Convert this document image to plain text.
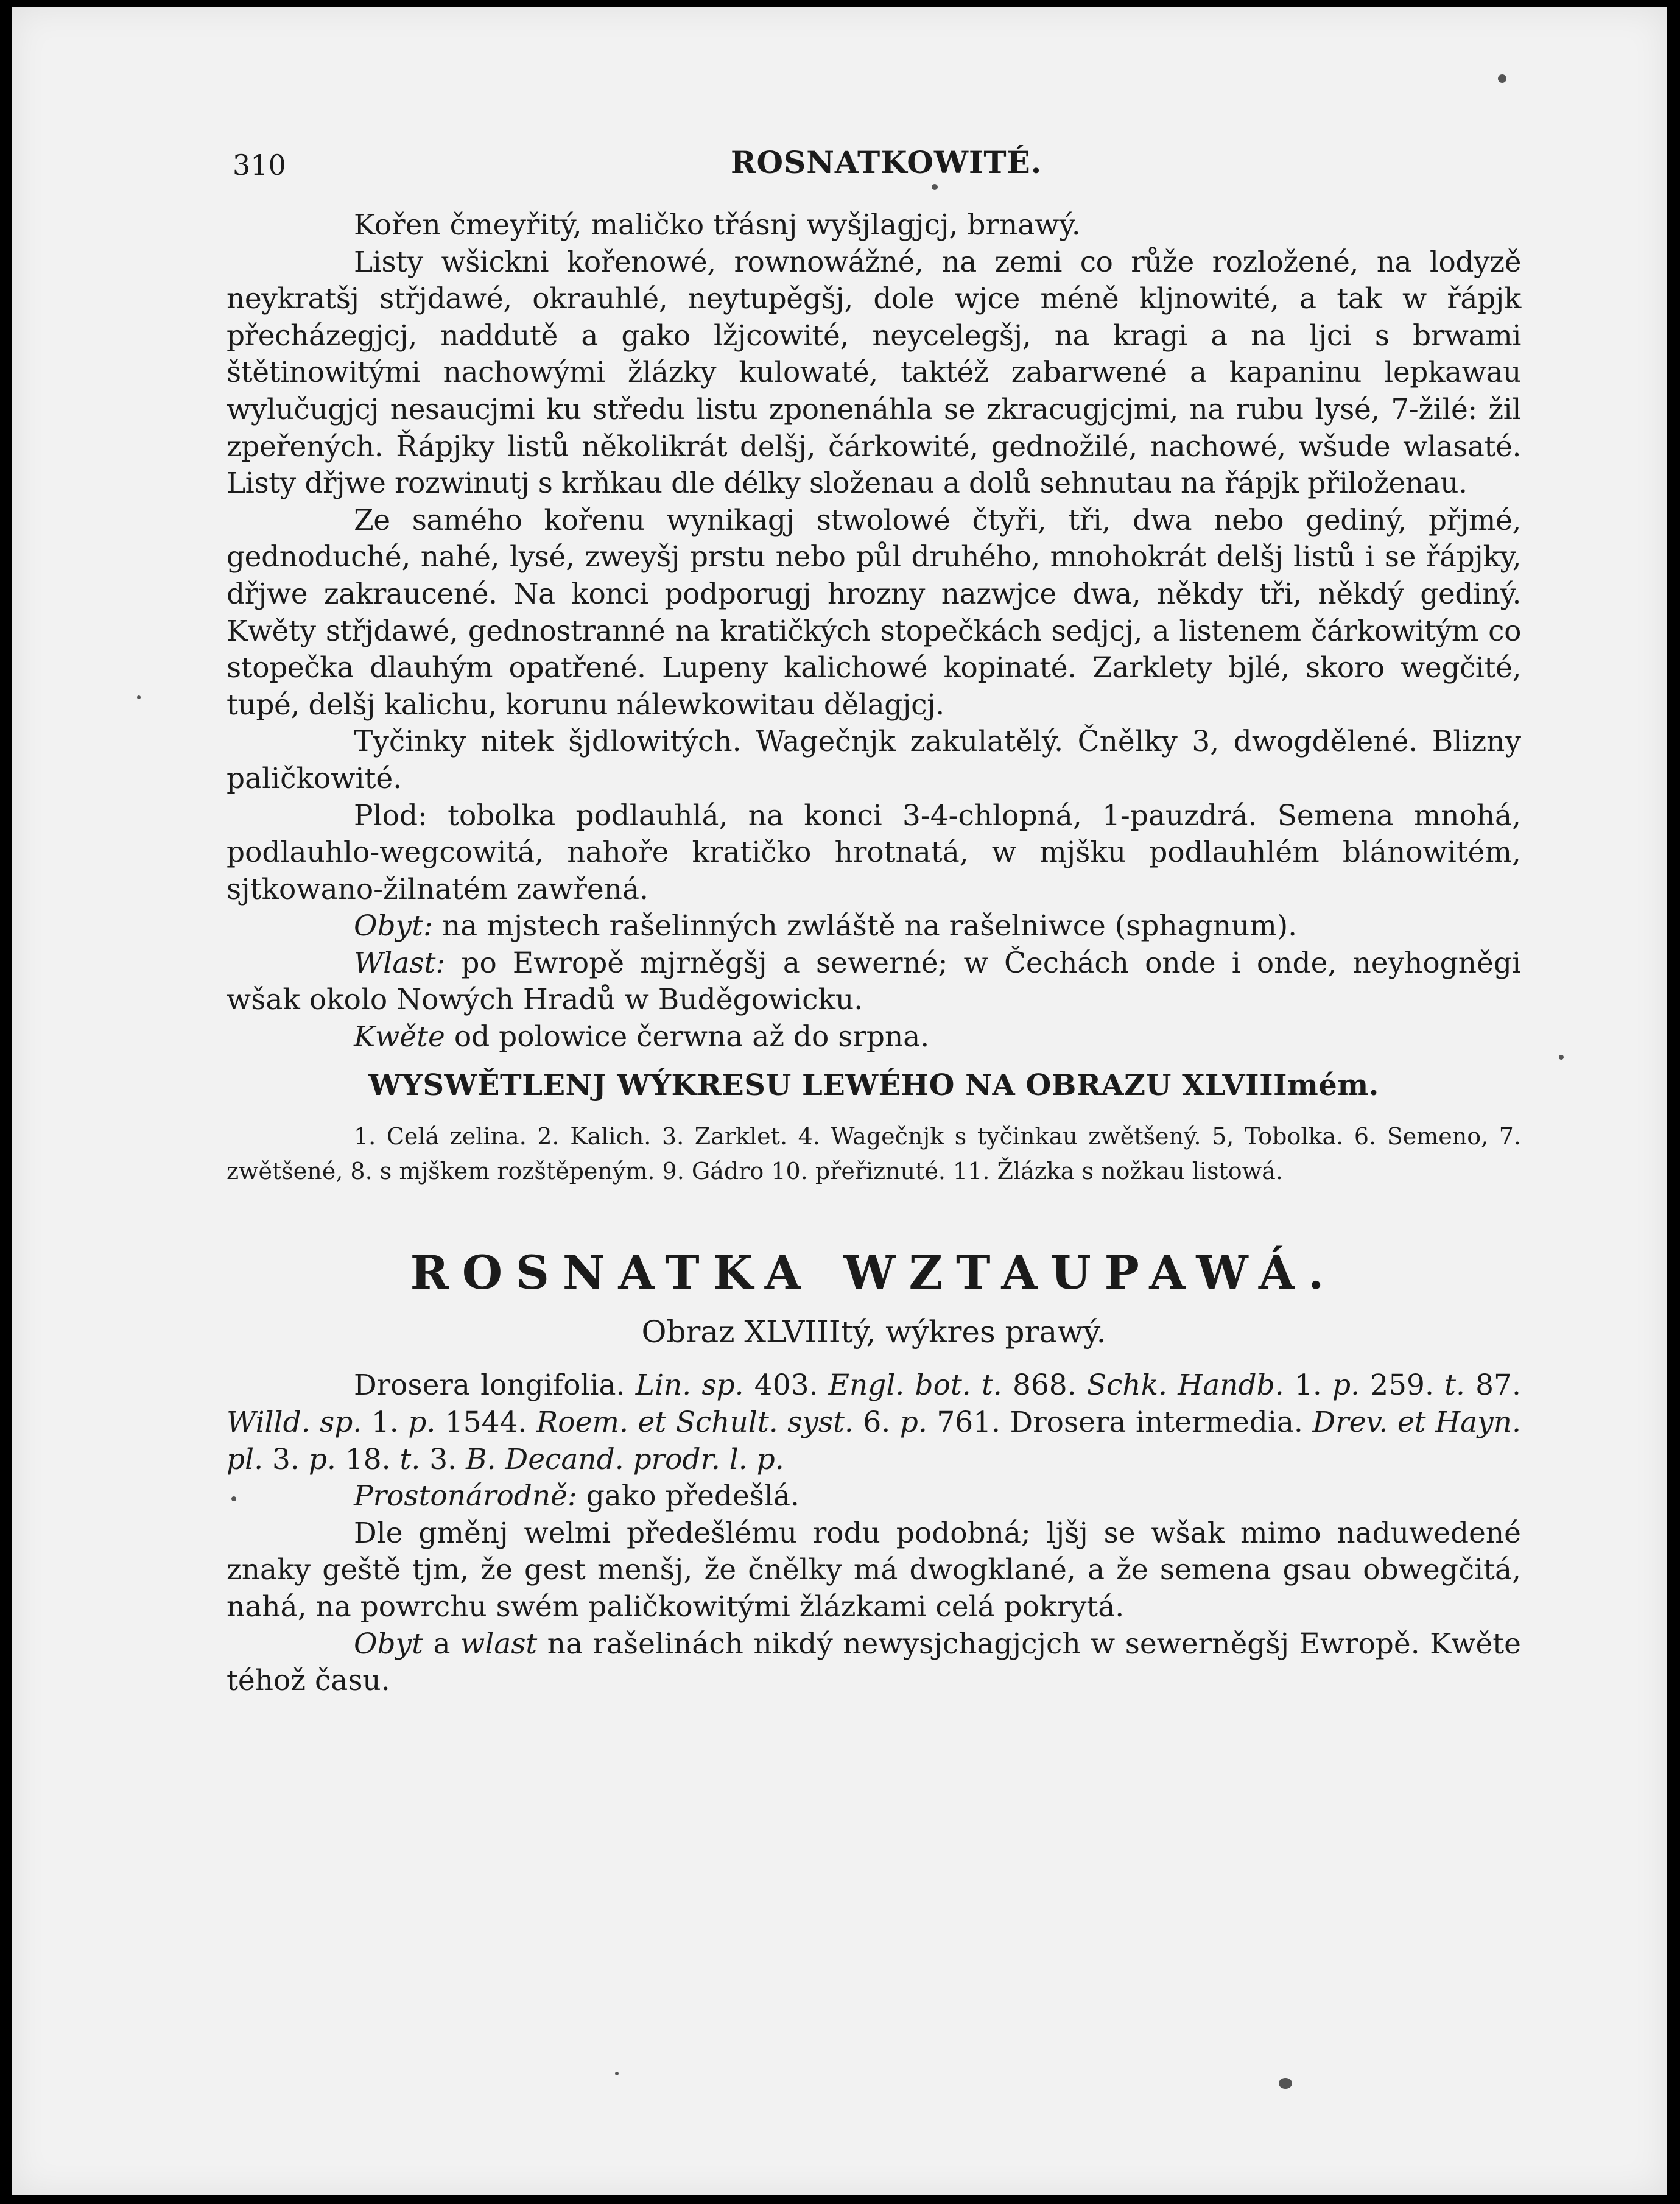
310	ROSNATKOWITÉ.

Kořen čmeyřitý, maličko třásnj wyšjlagjcj, brnawý.

Listy wšickni kořenowé, rownowážné, na zemi co růže rozložené, na lodyzě neykratšj střjdawé, okrauhlé, neytupěgšj, dole wjce méně kljnowité, a tak w řápjk přecházegjcj, naddutě a gako lžjcowité, neycelegšj, na kragi a na ljci s brwami štětinowitými nachowými žlázky kulowaté, taktéž zabarwené a kapaninu lepkawau wylučugjcj nesaucjmi ku středu listu zponenáhla se zkracugjcjmi, na rubu lysé, 7-žilé: žil zpeřených. Řápjky listů několikrát delšj, čárkowité, gednožilé, nachowé, wšude wlasaté. Listy dřjwe rozwinutj s krňkau dle délky složenau a dolů sehnutau na řápjk přiloženau.

Ze samého kořenu wynikagj stwolowé čtyři, tři, dwa nebo gediný, přjmé, gednoduché, nahé, lysé, zweyšj prstu nebo půl druhého, mnohokrát delšj listů i se řápjky, dřjwe zakraucené. Na konci podporugj hrozny nazwjce dwa, někdy tři, někdý gediný. Kwěty střjdawé, gednostranné na kratičkých stopečkách sedjcj, a listenem čárkowitým co stopečka dlauhým opatřené. Lupeny kalichowé kopinaté. Zarklety bjlé, skoro wegčité, tupé, delšj kalichu, korunu nálewkowitau dělagjcj.

Tyčinky nitek šjdlowitých. Wagečnjk zakulatělý. Čnělky 3, dwogdělené. Blizny paličkowité.

Plod: tobolka podlauhlá, na konci 3-4-chlopná, 1-pauzdrá. Semena mnohá, podlauhlo-wegcowitá, nahoře kratičko hrotnatá, w mjšku podlauhlém blánowitém, sjtkowano-žilnatém zawřená.

Obyt: na mjstech rašelinných zwláště na rašelniwce (sphagnum).

Wlast: po Ewropě mjrněgšj a sewerné; w Čechách onde i onde, neyhogněgi wšak okolo Nowých Hradů w Buděgowicku.

Kwěte od polowice čerwna až do srpna.

WYSWĚTLENJ WÝKRESU LEWÉHO NA OBRAZU XLVIIImém.

1. Celá zelina. 2. Kalich. 3. Zarklet. 4. Wagečnjk s tyčinkau zwětšený. 5, Tobolka. 6. Semeno, 7. zwětšené, 8. s mjškem rozštěpeným. 9. Gádro 10. přeřiznuté. 11. Žlázka s nožkau listowá.

ROSNATKA WZTAUPAWÁ.

Obraz XLVIIItý, wýkres prawý.

Drosera longifolia. Lin. sp. 403. Engl. bot. t. 868. Schk. Handb. 1. p. 259. t. 87. Willd. sp. 1. p. 1544. Roem. et Schult. syst. 6. p. 761. Drosera intermedia. Drev. et Hayn. pl. 3. p. 18. t. 3. B. Decand. prodr. l. p.

Prostonárodně: gako předešlá.

Dle gměnj welmi předešlému rodu podobná; ljšj se wšak mimo naduwedené znaky geště tjm, že gest menšj, že čnělky má dwogklané, a že semena gsau obwegčitá, nahá, na powrchu swém paličkowitými žlázkami celá pokrytá.

Obyt a wlast na rašelinách nikdý newysjchagjcjch w sewerněgšj Ewropě. Kwěte téhož času.
